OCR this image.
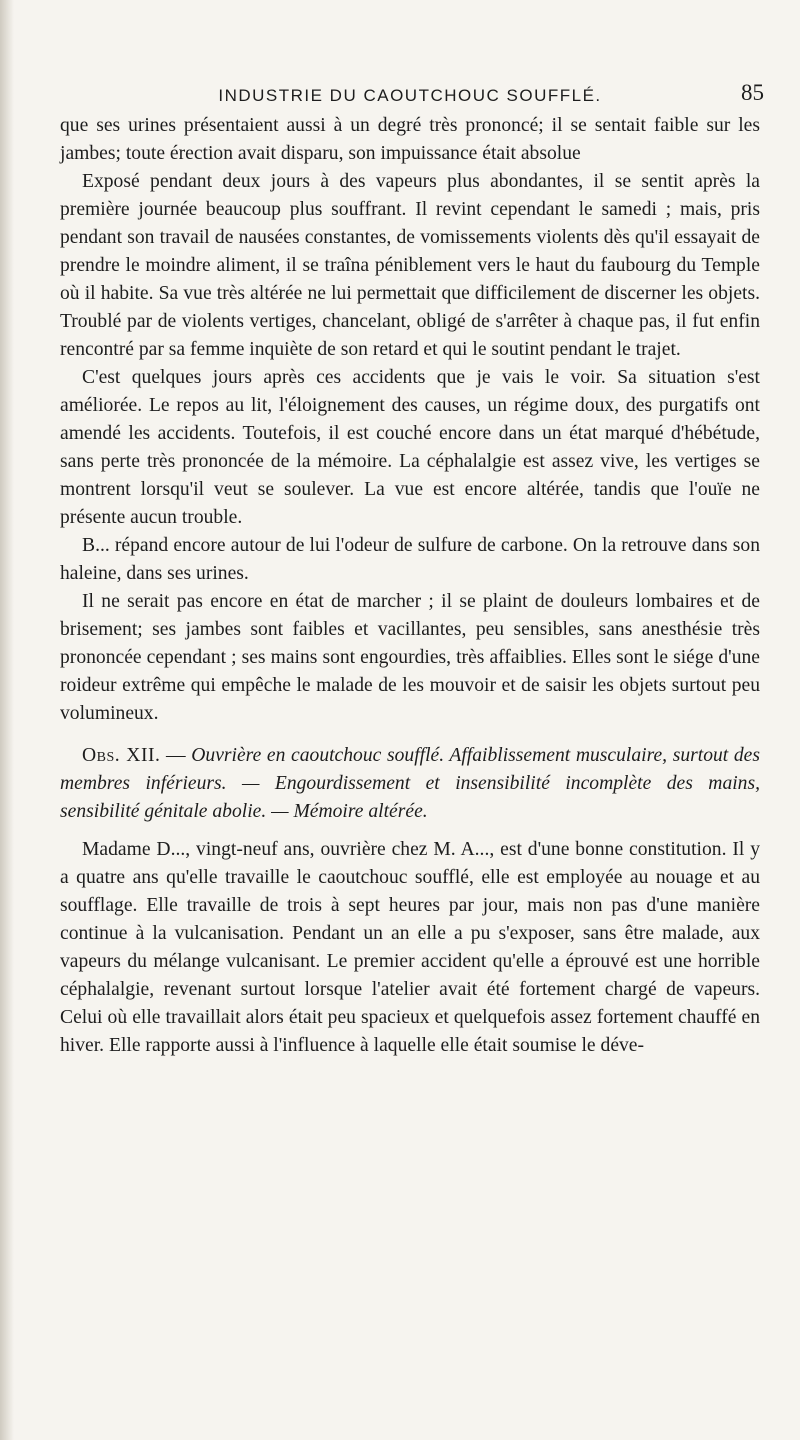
INDUSTRIE DU CAOUTCHOUC SOUFFLÉ.	85

que ses urines présentaient aussi à un degré très prononcé; il se sentait faible sur les jambes; toute érection avait disparu, son impuissance était absolue

Exposé pendant deux jours à des vapeurs plus abondantes, il se sentit après la première journée beaucoup plus souffrant. Il revint cependant le samedi ; mais, pris pendant son travail de nausées constantes, de vomissements violents dès qu'il essayait de prendre le moindre aliment, il se traîna péniblement vers le haut du faubourg du Temple où il habite. Sa vue très altérée ne lui permettait que difficilement de discerner les objets. Troublé par de violents vertiges, chancelant, obligé de s'arrêter à chaque pas, il fut enfin rencontré par sa femme inquiète de son retard et qui le soutint pendant le trajet.

C'est quelques jours après ces accidents que je vais le voir. Sa situation s'est améliorée. Le repos au lit, l'éloignement des causes, un régime doux, des purgatifs ont amendé les accidents. Toutefois, il est couché encore dans un état marqué d'hébétude, sans perte très prononcée de la mémoire. La céphalalgie est assez vive, les vertiges se montrent lorsqu'il veut se soulever. La vue est encore altérée, tandis que l'ouïe ne présente aucun trouble.

B... répand encore autour de lui l'odeur de sulfure de carbone. On la retrouve dans son haleine, dans ses urines.

Il ne serait pas encore en état de marcher ; il se plaint de douleurs lombaires et de brisement; ses jambes sont faibles et vacillantes, peu sensibles, sans anesthésie très prononcée cependant ; ses mains sont engourdies, très affaiblies. Elles sont le siége d'une roideur extrême qui empêche le malade de les mouvoir et de saisir les objets surtout peu volumineux.

Obs. XII. — Ouvrière en caoutchouc soufflé. Affaiblissement musculaire, surtout des membres inférieurs. — Engourdissement et insensibilité incomplète des mains, sensibilité génitale abolie. — Mémoire altérée.

Madame D..., vingt-neuf ans, ouvrière chez M. A..., est d'une bonne constitution. Il y a quatre ans qu'elle travaille le caoutchouc soufflé, elle est employée au nouage et au soufflage. Elle travaille de trois à sept heures par jour, mais non pas d'une manière continue à la vulcanisation. Pendant un an elle a pu s'exposer, sans être malade, aux vapeurs du mélange vulcanisant. Le premier accident qu'elle a éprouvé est une horrible céphalalgie, revenant surtout lorsque l'atelier avait été fortement chargé de vapeurs. Celui où elle travaillait alors était peu spacieux et quelquefois assez fortement chauffé en hiver. Elle rapporte aussi à l'influence à laquelle elle était soumise le déve-
